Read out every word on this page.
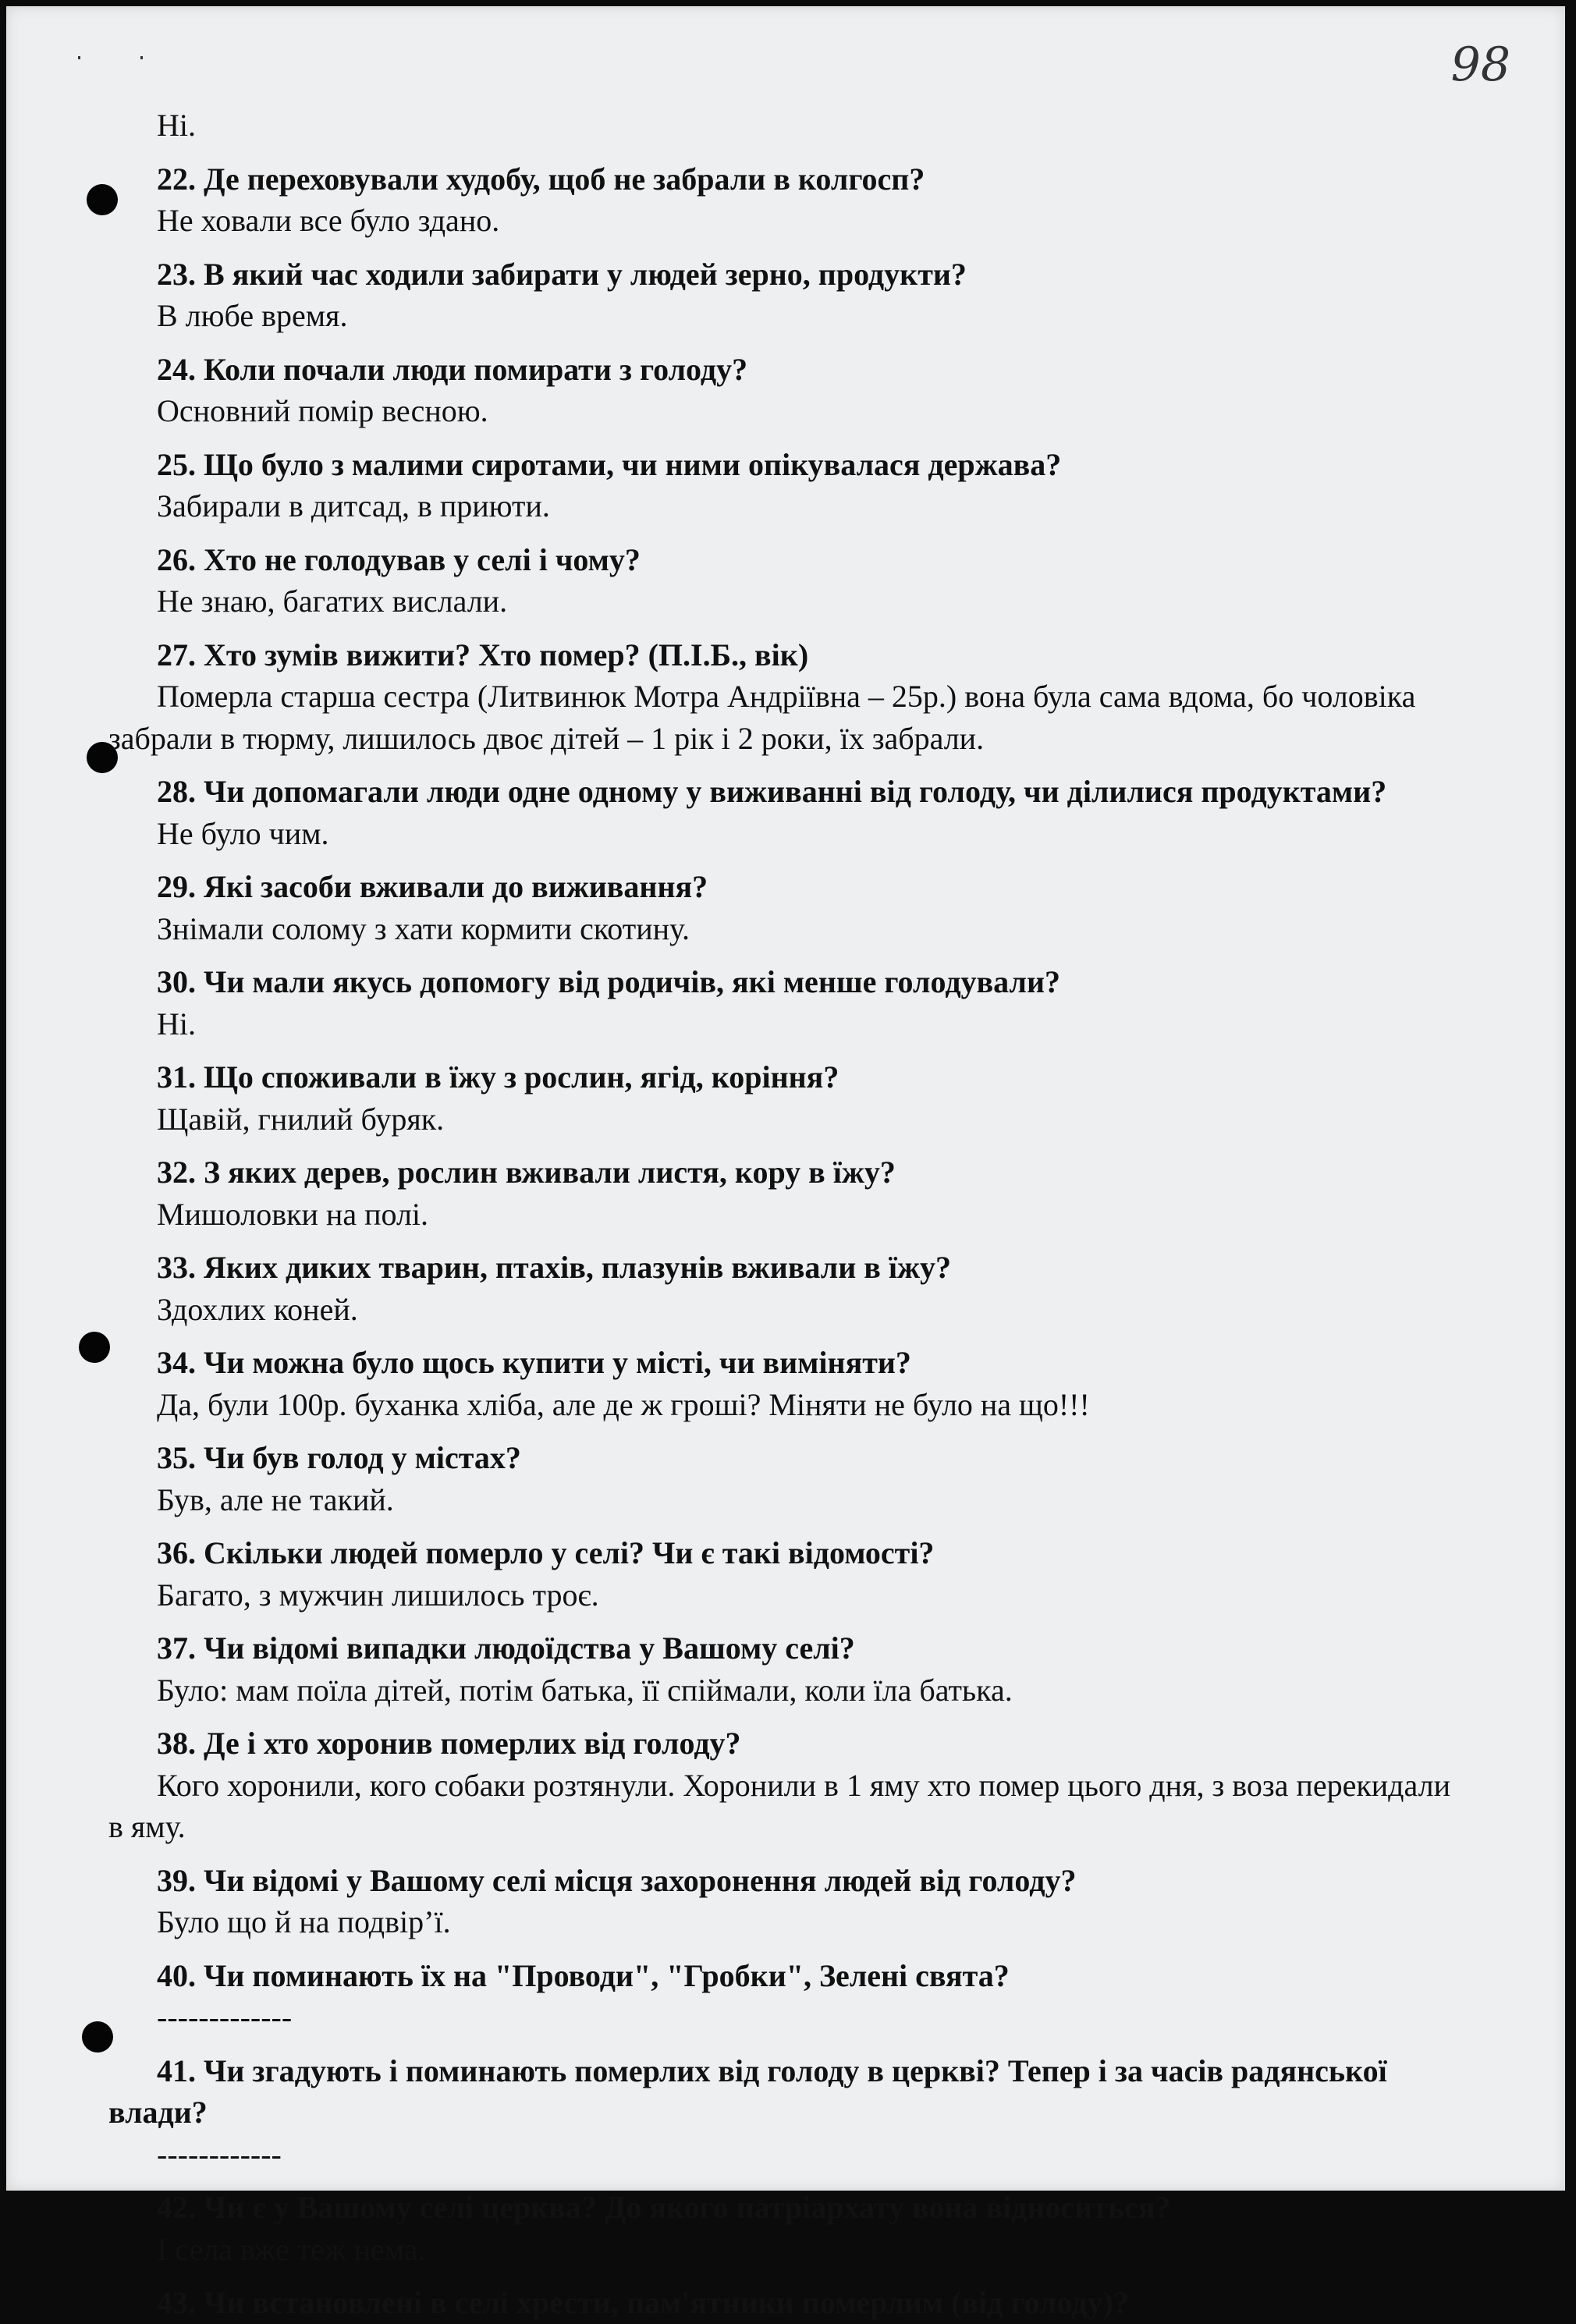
98

Ні.

22. Де переховували худобу, щоб не забрали в колгосп?

Не ховали все було здано.

23. В який час ходили забирати у людей зерно, продукти?

В любе время.

24. Коли почали люди помирати з голоду?

Основний помір весною.

25. Що було з малими сиротами, чи ними опікувалася держава?

Забирали в дитсад, в приюти.

26. Хто не голодував у селі і чому?

Не знаю, багатих вислали.

27. Хто зумів вижити? Хто помер? (П.І.Б., вік)

Померла старша сестра (Литвинюк Мотра Андріївна – 25р.) вона була сама вдома, бо чоловіка забрали в тюрму, лишилось двоє дітей – 1 рік і 2 роки, їх забрали.

28. Чи допомагали люди одне одному у виживанні від голоду, чи ділилися продуктами?

Не було чим.

29. Які засоби вживали до виживання?

Знімали солому з хати кормити скотину.

30. Чи мали якусь допомогу від родичів, які менше голодували?

Ні.

31. Що споживали в їжу з рослин, ягід, коріння?

Щавій, гнилий буряк.

32. З яких дерев, рослин вживали листя, кору в їжу?

Мишоловки на полі.

33. Яких диких тварин, птахів, плазунів вживали в їжу?

Здохлих коней.

34. Чи можна було щось купити у місті, чи виміняти?

Да, були 100р. буханка хліба, але де ж гроші? Міняти не було на що!!!

35. Чи був голод у містах?

Був, але не такий.

36. Скільки людей померло у селі? Чи є такі відомості?

Багато, з мужчин лишилось троє.

37. Чи відомі випадки людоїдства у Вашому селі?

Було: мам поїла дітей, потім батька, її спіймали, коли їла батька.

38. Де і хто хоронив померлих від голоду?

Кого хоронили, кого собаки розтянули. Хоронили в 1 яму хто помер цього дня, з воза перекидали в яму.

39. Чи відомі у Вашому селі місця захоронення людей від голоду?

Було що й на подвір’ї.

40. Чи поминають їх на "Проводи", "Гробки", Зелені свята?

-------------

41. Чи згадують і поминають померлих від голоду в церкві? Тепер і за часів радянської влади?

------------

42. Чи є у Вашому селі церква? До якого патріархату вона відноситься?

І села вже теж нема.

43. Чи встановлені в селі хрести, пам'ятники померлим (від голоду)?
